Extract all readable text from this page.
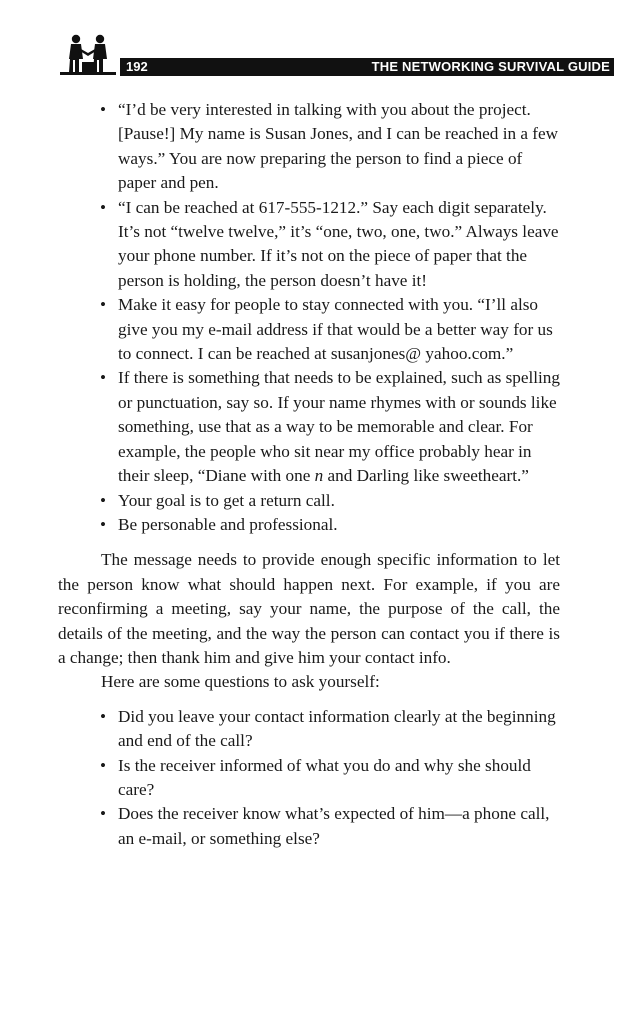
192	THE NETWORKING SURVIVAL GUIDE
• “I’d be very interested in talking with you about the project. [Pause!] My name is Susan Jones, and I can be reached in a few ways.” You are now preparing the person to find a piece of paper and pen.
• “I can be reached at 617-555-1212.” Say each digit separately. It’s not “twelve twelve,” it’s “one, two, one, two.” Always leave your phone number. If it’s not on the piece of paper that the person is holding, the person doesn’t have it!
• Make it easy for people to stay connected with you. “I’ll also give you my e-mail address if that would be a better way for us to connect. I can be reached at susanjones@ yahoo.com.”
• If there is something that needs to be explained, such as spelling or punctuation, say so. If your name rhymes with or sounds like something, use that as a way to be memorable and clear. For example, the people who sit near my office probably hear in their sleep, “Diane with one n and Darling like sweetheart.”
• Your goal is to get a return call.
• Be personable and professional.

The message needs to provide enough specific information to let the person know what should happen next. For example, if you are reconfirming a meeting, say your name, the purpose of the call, the details of the meeting, and the way the person can contact you if there is a change; then thank him and give him your contact info.

Here are some questions to ask yourself:

• Did you leave your contact information clearly at the beginning and end of the call?
• Is the receiver informed of what you do and why she should care?
• Does the receiver know what’s expected of him—a phone call, an e-mail, or something else?
